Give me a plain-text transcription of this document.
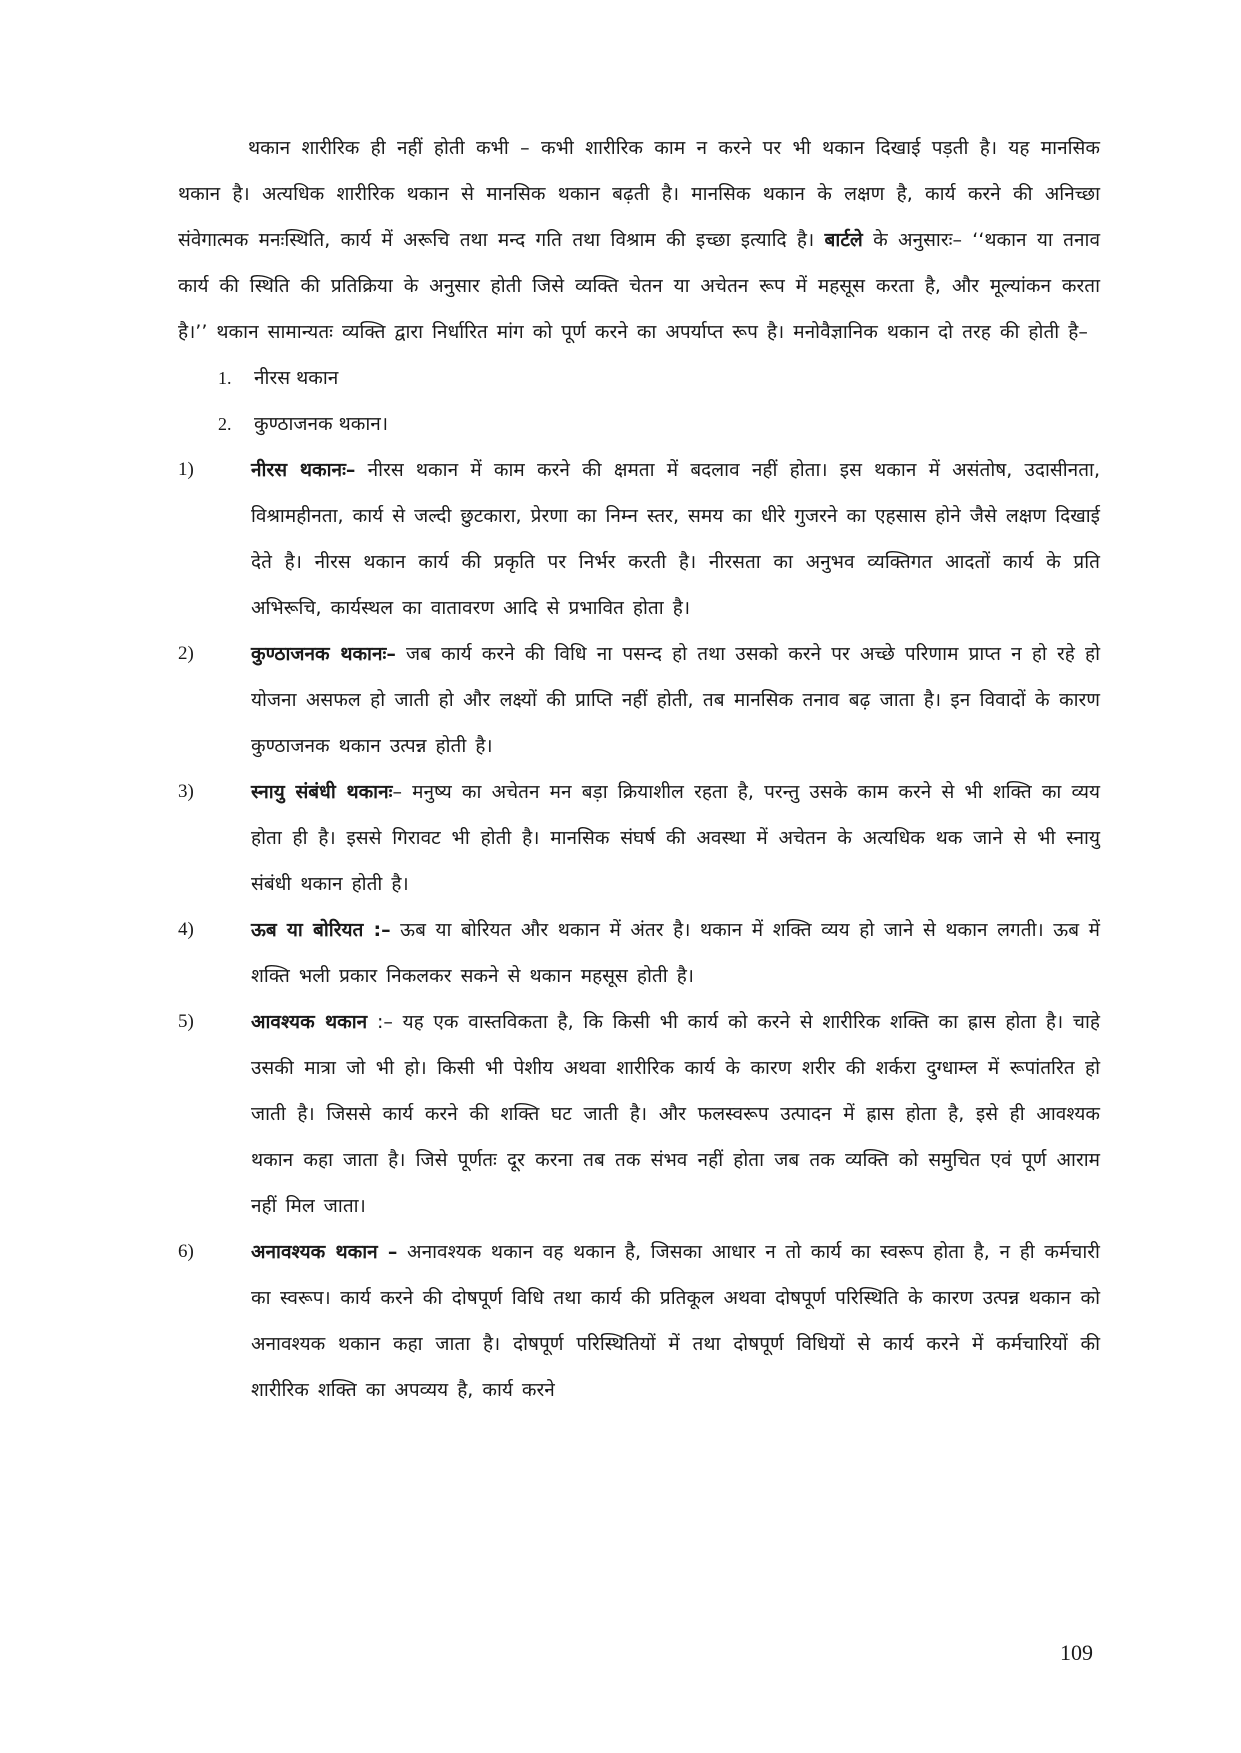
थकान शारीरिक ही नहीं होती कभी – कभी शारीरिक काम न करने पर भी थकान दिखाई पड़ती है। यह मानसिक थकान है। अत्यधिक शारीरिक थकान से मानसिक थकान बढ़ती है। मानसिक थकान के लक्षण है, कार्य करने की अनिच्छा संवेगात्मक मनःस्थिति, कार्य में अरूचि तथा मन्द गति तथा विश्राम की इच्छा इत्यादि है। बार्टले के अनुसारः– ‘‘थकान या तनाव कार्य की स्थिति की प्रतिक्रिया के अनुसार होती जिसे व्यक्ति चेतन या अचेतन रूप में महसूस करता है, और मूल्यांकन करता है।’’ थकान सामान्यतः व्यक्ति द्वारा निर्धारित मांग को पूर्ण करने का अपर्याप्त रूप है। मनोवैज्ञानिक थकान दो तरह की होती है–

1.	नीरस थकान
2.	कुण्ठाजनक थकान।
1)	नीरस थकानः– नीरस थकान में काम करने की क्षमता में बदलाव नहीं होता। इस थकान में असंतोष, उदासीनता, विश्रामहीनता, कार्य से जल्दी छुटकारा, प्रेरणा का निम्न स्तर, समय का धीरे गुजरने का एहसास होने जैसे लक्षण दिखाई देते है। नीरस थकान कार्य की प्रकृति पर निर्भर करती है। नीरसता का अनुभव व्यक्तिगत आदतों कार्य के प्रति अभिरूचि, कार्यस्थल का वातावरण आदि से प्रभावित होता है।
2)	कुण्ठाजनक थकानः– जब कार्य करने की विधि ना पसन्द हो तथा उसको करने पर अच्छे परिणाम प्राप्त न हो रहे हो योजना असफल हो जाती हो और लक्ष्यों की प्राप्ति नहीं होती, तब मानसिक तनाव बढ़ जाता है। इन विवादों के कारण कुण्ठाजनक थकान उत्पन्न होती है।
3)	स्नायु संबंधी थकानः– मनुष्य का अचेतन मन बड़ा क्रियाशील रहता है, परन्तु उसके काम करने से भी शक्ति का व्यय होता ही है। इससे गिरावट भी होती है। मानसिक संघर्ष की अवस्था में अचेतन के अत्यधिक थक जाने से भी स्नायु संबंधी थकान होती है।
4)	ऊब या बोरियत :– ऊब या बोरियत और थकान में अंतर है। थकान में शक्ति व्यय हो जाने से थकान लगती। ऊब में शक्ति भली प्रकार निकलकर सकने से थकान महसूस होती है।
5)	आवश्यक थकान :– यह एक वास्तविकता है, कि किसी भी कार्य को करने से शारीरिक शक्ति का ह्रास होता है। चाहे उसकी मात्रा जो भी हो। किसी भी पेशीय अथवा शारीरिक कार्य के कारण शरीर की शर्करा दुग्धाम्ल में रूपांतरित हो जाती है। जिससे कार्य करने की शक्ति घट जाती है। और फलस्वरूप उत्पादन में ह्रास होता है, इसे ही आवश्यक थकान कहा जाता है। जिसे पूर्णतः दूर करना तब तक संभव नहीं होता जब तक व्यक्ति को समुचित एवं पूर्ण आराम नहीं मिल जाता।
6)	अनावश्यक थकान – अनावश्यक थकान वह थकान है, जिसका आधार न तो कार्य का स्वरूप होता है, न ही कर्मचारी का स्वरूप। कार्य करने की दोषपूर्ण विधि तथा कार्य की प्रतिकूल अथवा दोषपूर्ण परिस्थिति के कारण उत्पन्न थकान को अनावश्यक थकान कहा जाता है। दोषपूर्ण परिस्थितियों में तथा दोषपूर्ण विधियों से कार्य करने में कर्मचारियों की शारीरिक शक्ति का अपव्यय है, कार्य करने
109
